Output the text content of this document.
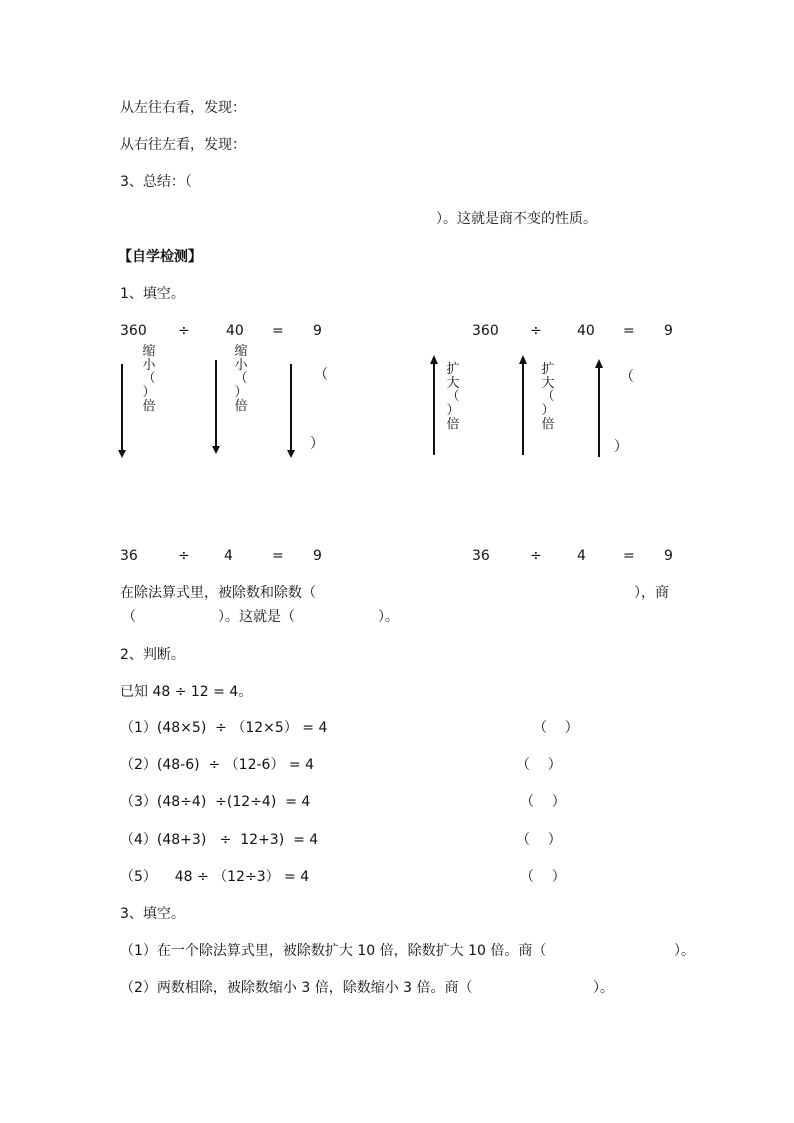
从左往右看，发现：
从右往左看，发现：
3、总结：（
）。这就是商不变的性质。
【自学检测】
1、填空。
360 ÷	40 = 9	360 ÷	40 = 9
缩
小
（
）
倍
缩
小
（
）
倍
（
）
扩
大
（
）
倍
扩
大
（
）
倍
（
）
36	÷ 4	= 9	36	÷	4	= 9
在除法算式里，被除数和除数（	），商
（	）。这就是（	）。
2、判断。
已知 48 ÷ 12 = 4。
（1）(48×5)  ÷ （12×5） = 4	（    ）
（2）(48-6)  ÷ （12-6） = 4	（    ）
（3）(48÷4)  ÷(12÷4)  = 4	（    ）
（4）(48+3)   ÷  12+3)  = 4	（    ）
（5）    48 ÷ （12÷3） = 4	（    ）
3、填空。
（1）在一个除法算式里，被除数扩大 10 倍，除数扩大 10 倍。商（	）。
（2）两数相除，被除数缩小 3 倍，除数缩小 3 倍。商（	）。
